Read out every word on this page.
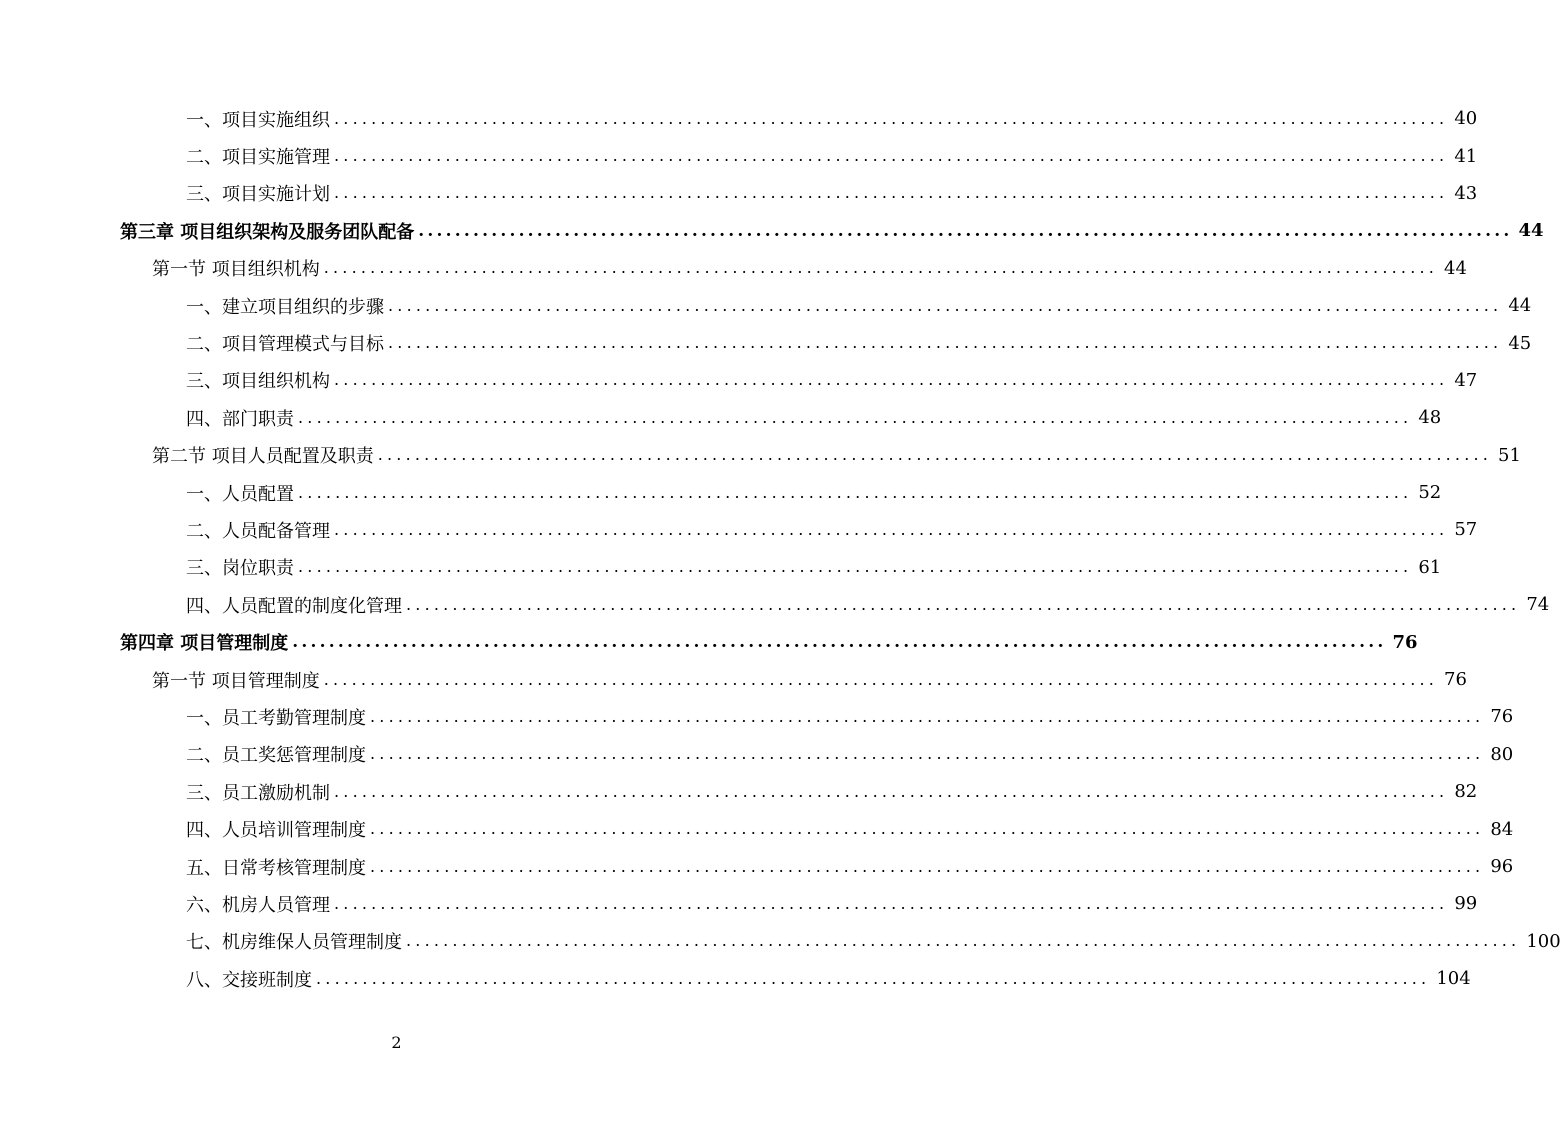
一、项目实施组织 ........................................................................................................................ 40
二、项目实施管理 ........................................................................................................................ 41
三、项目实施计划 ........................................................................................................................ 43
第三章 项目组织架构及服务团队配备 ........................................................................................................................ 44
第一节 项目组织机构 ........................................................................................................................ 44
一、建立项目组织的步骤 ........................................................................................................................ 44
二、项目管理模式与目标 ........................................................................................................................ 45
三、项目组织机构 ........................................................................................................................ 47
四、部门职责 ........................................................................................................................ 48
第二节 项目人员配置及职责 ........................................................................................................................ 51
一、人员配置 ........................................................................................................................ 52
二、人员配备管理 ........................................................................................................................ 57
三、岗位职责 ........................................................................................................................ 61
四、人员配置的制度化管理 ........................................................................................................................ 74
第四章 项目管理制度 ........................................................................................................................ 76
第一节 项目管理制度 ........................................................................................................................ 76
一、员工考勤管理制度 ........................................................................................................................ 76
二、员工奖惩管理制度 ........................................................................................................................ 80
三、员工激励机制 ........................................................................................................................ 82
四、人员培训管理制度 ........................................................................................................................ 84
五、日常考核管理制度 ........................................................................................................................ 96
六、机房人员管理 ........................................................................................................................ 99
七、机房维保人员管理制度 ........................................................................................................................ 100
八、交接班制度 ........................................................................................................................ 104
2
